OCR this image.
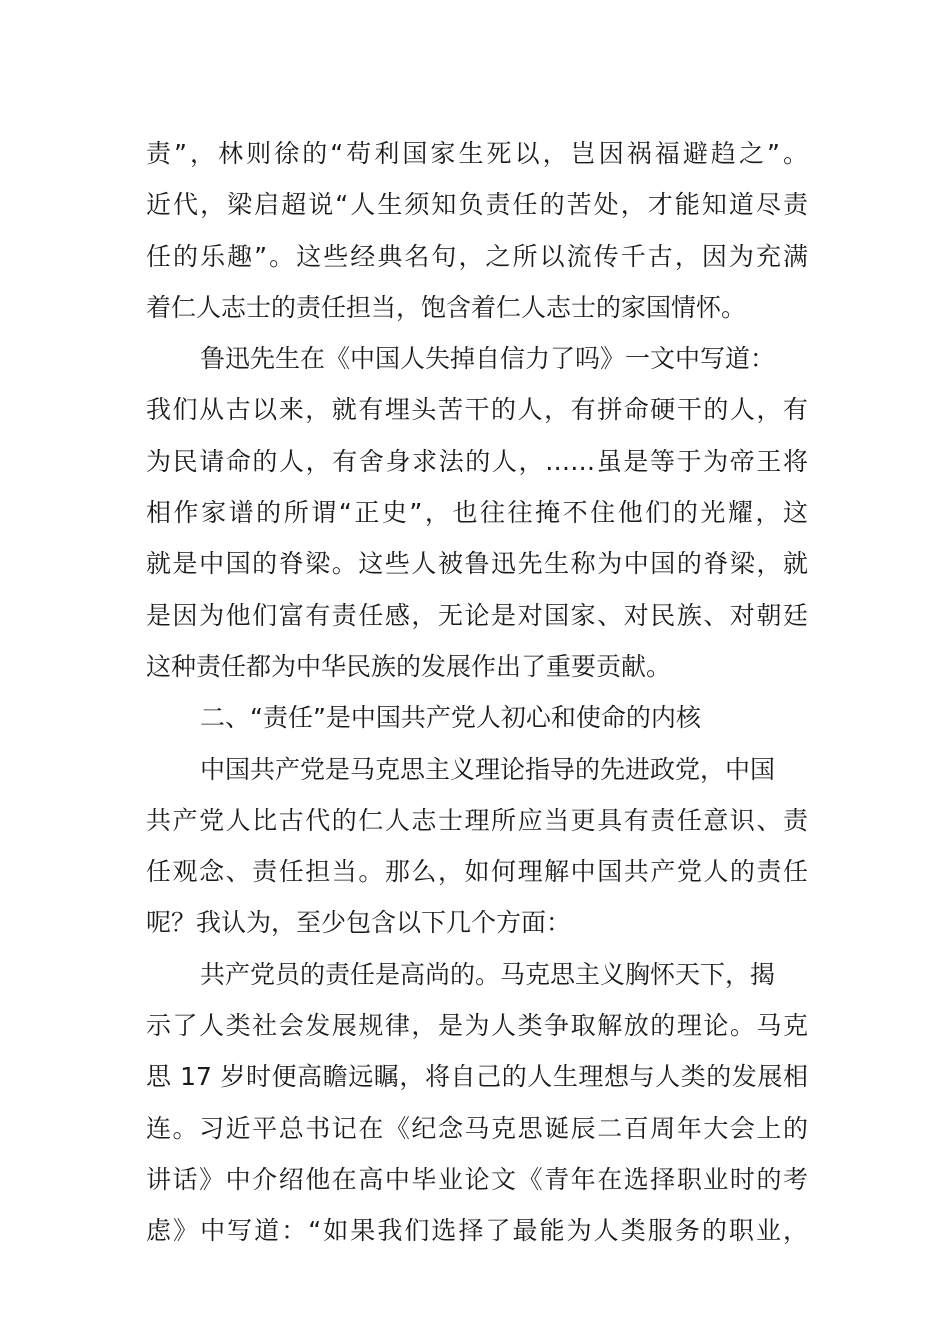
责”，林则徐的“苟利国家生死以，岂因祸福避趋之”。
近代，梁启超说“人生须知负责任的苦处，才能知道尽责
任的乐趣”。这些经典名句，之所以流传千古，因为充满
着仁人志士的责任担当，饱含着仁人志士的家国情怀。
鲁迅先生在《中国人失掉自信力了吗》一文中写道：
我们从古以来，就有埋头苦干的人，有拼命硬干的人，有
为民请命的人，有舍身求法的人，……虽是等于为帝王将
相作家谱的所谓“正史”，也往往掩不住他们的光耀，这
就是中国的脊梁。这些人被鲁迅先生称为中国的脊梁，就
是因为他们富有责任感，无论是对国家、对民族、对朝廷
这种责任都为中华民族的发展作出了重要贡献。
二、“责任”是中国共产党人初心和使命的内核
中国共产党是马克思主义理论指导的先进政党，中国
共产党人比古代的仁人志士理所应当更具有责任意识、责
任观念、责任担当。那么，如何理解中国共产党人的责任
呢？我认为，至少包含以下几个方面：
共产党员的责任是高尚的。马克思主义胸怀天下，揭
示了人类社会发展规律，是为人类争取解放的理论。马克
思 17 岁时便高瞻远瞩，将自己的人生理想与人类的发展相
连。习近平总书记在《纪念马克思诞辰二百周年大会上的
讲话》中介绍他在高中毕业论文《青年在选择职业时的考
虑》中写道：“如果我们选择了最能为人类服务的职业，
